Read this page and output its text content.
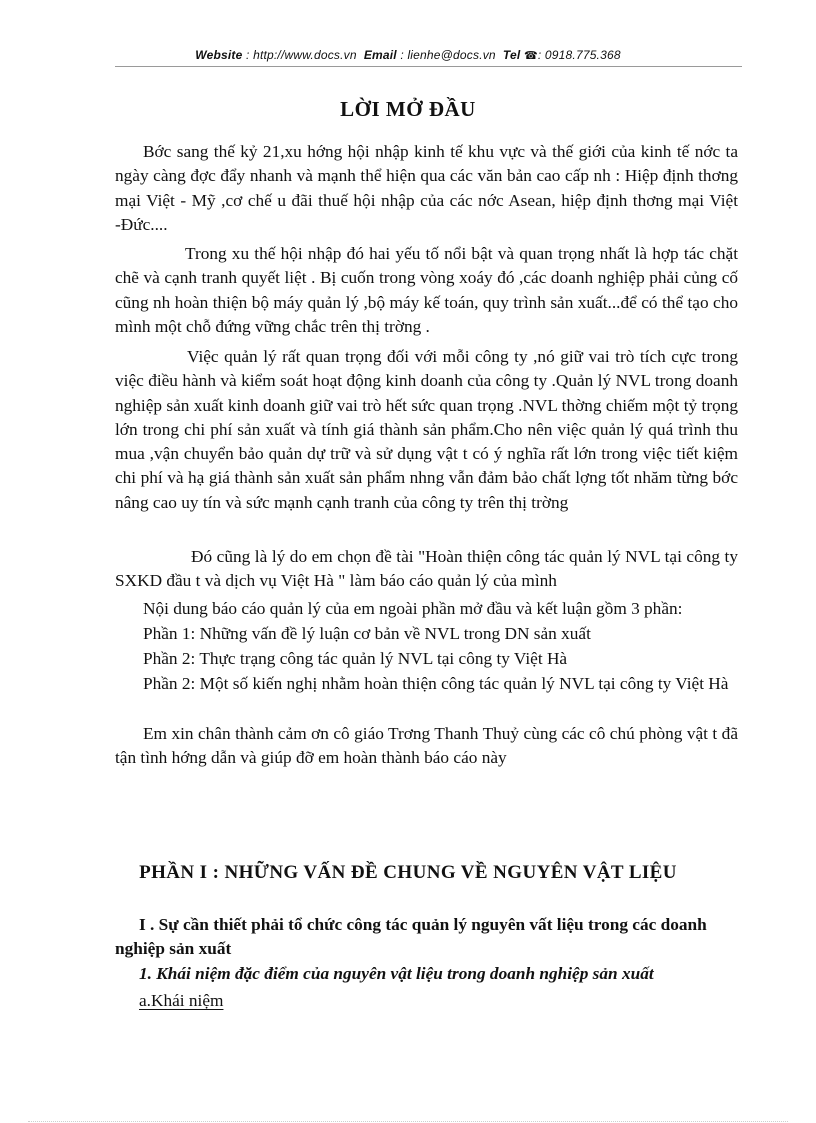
Website : http://www.docs.vn Email : lienhe@docs.vn Tel ☎: 0918.775.368
LỜI MỞ ĐẦU

Bớc sang thế kỷ 21,xu hớng hội nhập kinh tế khu vực và thế giới của kinh tế nớc ta ngày càng đợc đẩy nhanh và mạnh thể hiện qua các văn bản cao cấp nh : Hiệp định thơng mại Việt - Mỹ ,cơ chế u đãi thuế hội nhập của các nớc Asean, hiệp định thơng mại Việt -Đức....

Trong xu thế hội nhập đó hai yếu tố nổi bật và quan trọng nhất là hợp tác chặt chẽ và cạnh tranh quyết liệt . Bị cuốn trong vòng xoáy đó ,các doanh nghiệp phải củng cố cũng nh hoàn thiện bộ máy quản lý ,bộ máy kế toán, quy trình sản xuất...để có thể tạo cho mình một chỗ đứng vững chắc trên thị trờng .

Việc quản lý rất quan trọng đối với mỗi công ty ,nó giữ vai trò tích cực trong việc điều hành và kiểm soát hoạt động kinh doanh của công ty .Quản lý NVL trong doanh nghiệp sản xuất kinh doanh giữ vai trò hết sức quan trọng .NVL thờng chiếm một tỷ trọng lớn trong chi phí sản xuất và tính giá thành sản phẩm.Cho nên việc quản lý quá trình thu mua ,vận chuyển bảo quản dự trữ và sử dụng vật t có ý nghĩa rất lớn trong việc tiết kiệm chi phí và hạ giá thành sản xuất sản phẩm nhng vẫn đảm bảo chất lợng tốt nhăm từng bớc nâng cao uy tín và sức mạnh cạnh tranh của công ty trên thị trờng

Đó cũng là lý do em chọn đề tài "Hoàn thiện công tác quản lý NVL tại công ty SXKD đầu t và dịch vụ Việt Hà " làm báo cáo quản lý của mình

Nội dung báo cáo quản lý của em ngoài phần mở đầu và kết luận gồm 3 phần:

Phần 1: Những vấn đề lý luận cơ bản về NVL trong DN sản xuất

Phần 2: Thực trạng công tác quản lý NVL tại công ty Việt Hà

Phần 2: Một số kiến nghị nhằm hoàn thiện công tác quản lý NVL tại công ty Việt Hà

Em xin chân thành cảm ơn cô giáo Trơng Thanh Thuỷ cùng các cô chú phòng vật t đã tận tình hớng dẫn và giúp đỡ em hoàn thành báo cáo này

PHẦN I : NHỮNG VẤN ĐỀ CHUNG VỀ NGUYÊN VẬT LIỆU

I . Sự cần thiết phải tổ chức công tác quản lý nguyên vất liệu trong các doanh nghiệp sản xuất

1. Khái niệm đặc điểm của nguyên vật liệu trong doanh nghiệp sản xuất

a.Khái niệm
